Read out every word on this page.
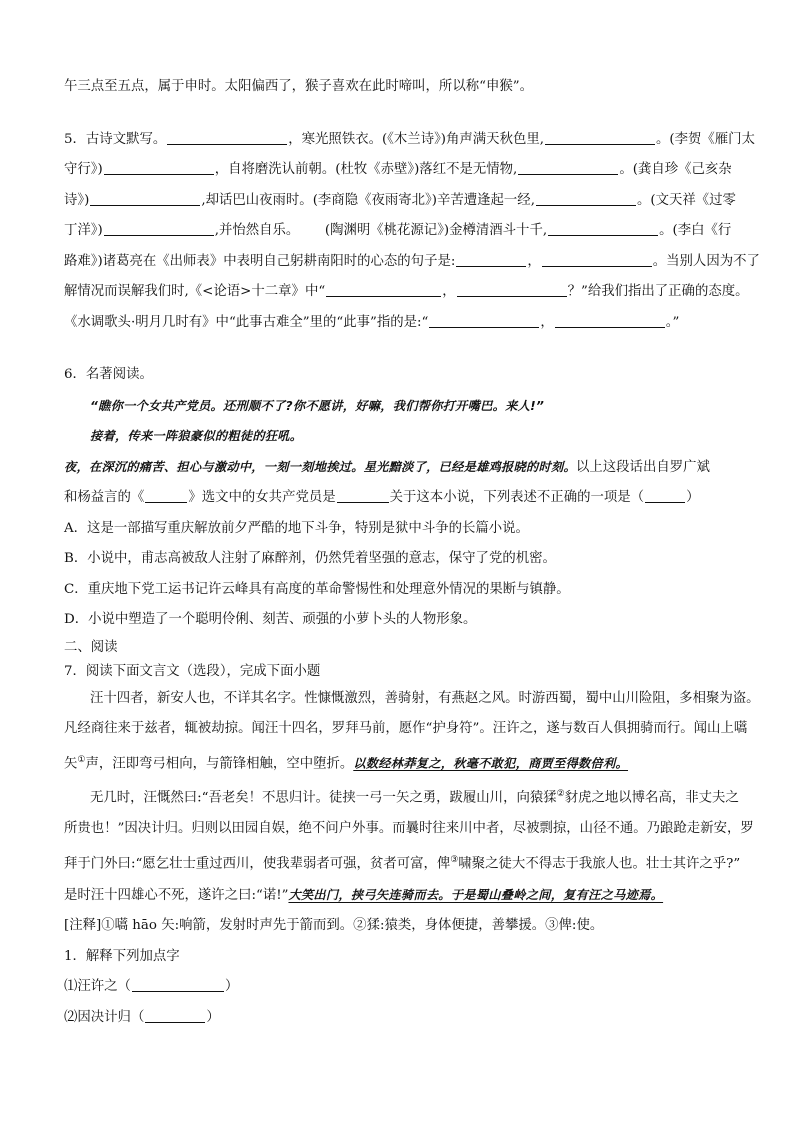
午三点至五点，属于申时。太阳偏西了，猴子喜欢在此时啼叫，所以称“申猴”。

5．古诗文默写。	，寒光照铁衣。(《木兰诗》)角声满天秋色里,	。(李贺《雁门太

守行》)	，自将磨洗认前朝。(杜牧《赤壁》)落红不是无情物,	。(龚自珍《己亥杂

诗》)	,却话巴山夜雨时。(李商隐《夜雨寄北》)辛苦遭逢起一经,	。(文天祥《过零

丁洋》)	,并怡然自乐。      (陶渊明《桃花源记》)金樽清酒斗十千,	。(李白《行

路难》)诸葛亮在《出师表》中表明自己躬耕南阳时的心态的句子是:	，	。当别人因为不了

解情况而误解我们时,《<论语>十二章》中“	，	？”给我们指出了正确的态度。

《水调歌头·明月几时有》中“此事古难全”里的“此事”指的是:“	，	。”

6．名著阅读。

“瞧你一个女共产党员。还刑顺不了?你不愿讲，好嘛，我们帮你打开嘴巴。来人!”

接着，传来一阵狼豪似的粗徒的狂吼。

夜，在深沉的痛苦、担心与激动中，一刻一刻地挨过。星光黯淡了，已经是雄鸡报晓的时刻。以上这段话出自罗广斌

和杨益言的《	》选文中的女共产党员是	关于这本小说，下列表述不正确的一项是（	）

A．这是一部描写重庆解放前夕严酷的地下斗争，特别是狱中斗争的长篇小说。

B．小说中，甫志高被敌人注射了麻醉剂，仍然凭着坚强的意志，保守了党的机密。

C．重庆地下党工运书记许云峰具有高度的革命警惕性和处理意外情况的果断与镇静。

D．小说中塑造了一个聪明伶俐、刻苦、顽强的小萝卜头的人物形象。

二、阅读

7．阅读下面文言文（选段），完成下面小题

汪十四者，新安人也，不详其名字。性慷慨激烈，善骑射，有燕赵之风。时游西蜀，蜀中山川险阻，多相聚为盗。

凡经商往来于兹者，辄被劫掠。闻汪十四名，罗拜马前，愿作“护身符”。汪许之，遂与数百人俱拥骑而行。闻山上嚆

矢①声，汪即弯弓相向，与箭锋相触，空中堕折。以数经林莽复之，秋毫不敢犯，商贾至得数倍利。

无几时，汪慨然曰:“吾老矣！不思归计。徒挟一弓一矢之勇，跋履山川，向猿猱②豺虎之地以博名高，非丈夫之

所贵也！”因决计归。归则以田园自娱，绝不问户外事。而曩时往来川中者，尽被剽掠，山径不通。乃踉跄走新安，罗

拜于门外曰:“愿乞壮士重过西川，使我辈弱者可强，贫者可富，俾③啸聚之徒大不得志于我旅人也。壮士其许之乎?”

是时汪十四雄心不死，遂许之曰:“诺!”大笑出门，挟弓矢连骑而去。于是蜀山叠岭之间，复有汪之马迹焉。

[注释]①嚆 hāo 矢:响箭，发射时声先于箭而到。②猱:猿类，身体便捷，善攀援。③俾:使。

1．解释下列加点字

⑴汪许之（	）

⑵因决计归（	）
